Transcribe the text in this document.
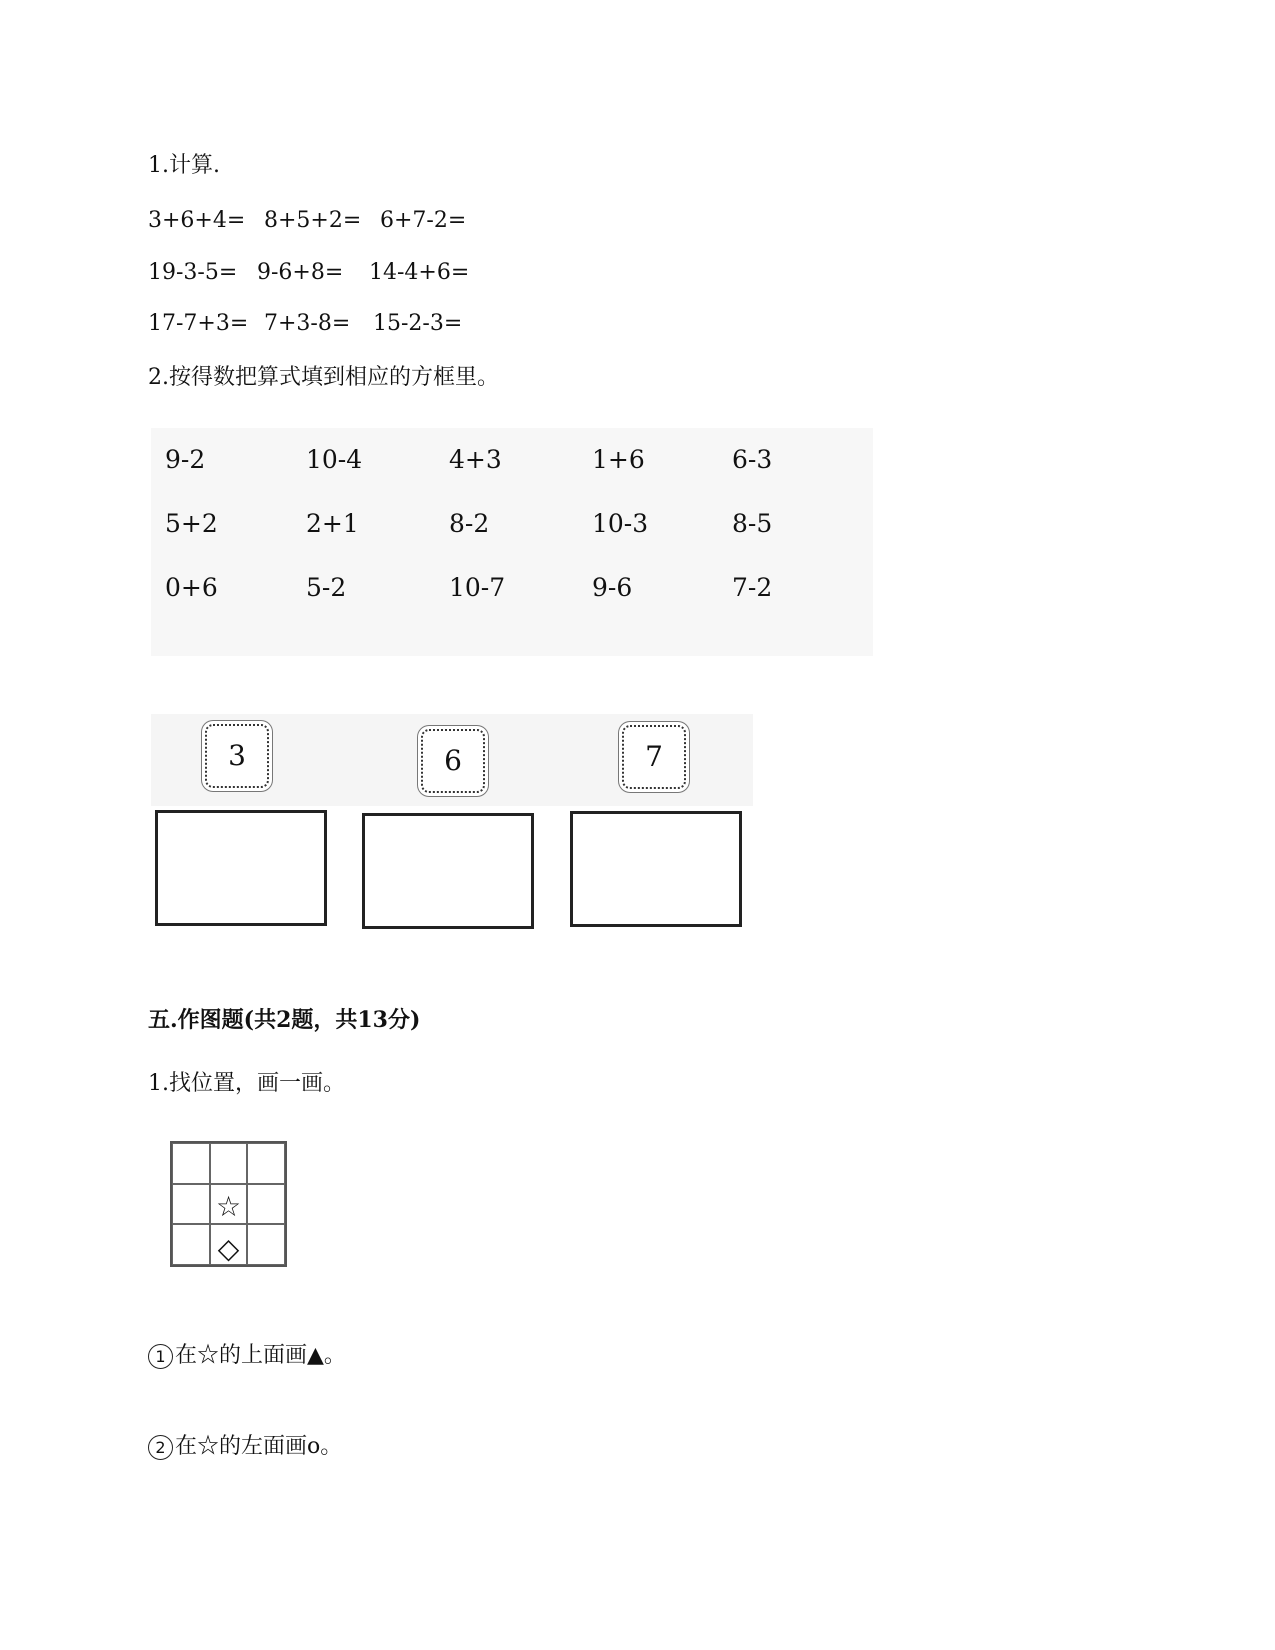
1.计算.
3+6+4= 8+5+2= 6+7-2=
19-3-5= 9-6+8= 14-4+6=
17-7+3= 7+3-8= 15-2-3=
2.按得数把算式填到相应的方框里。
9-2	10-4	4+3	1+6	6-3
5+2	2+1	8-2	10-3	8-5
0+6	5-2	10-7	9-6	7-2
3	6	7
五.作图题(共2题，共13分)
1.找位置，画一画。
☆
◇
1 在☆的上面画▲。
2 在☆的左面画o。
